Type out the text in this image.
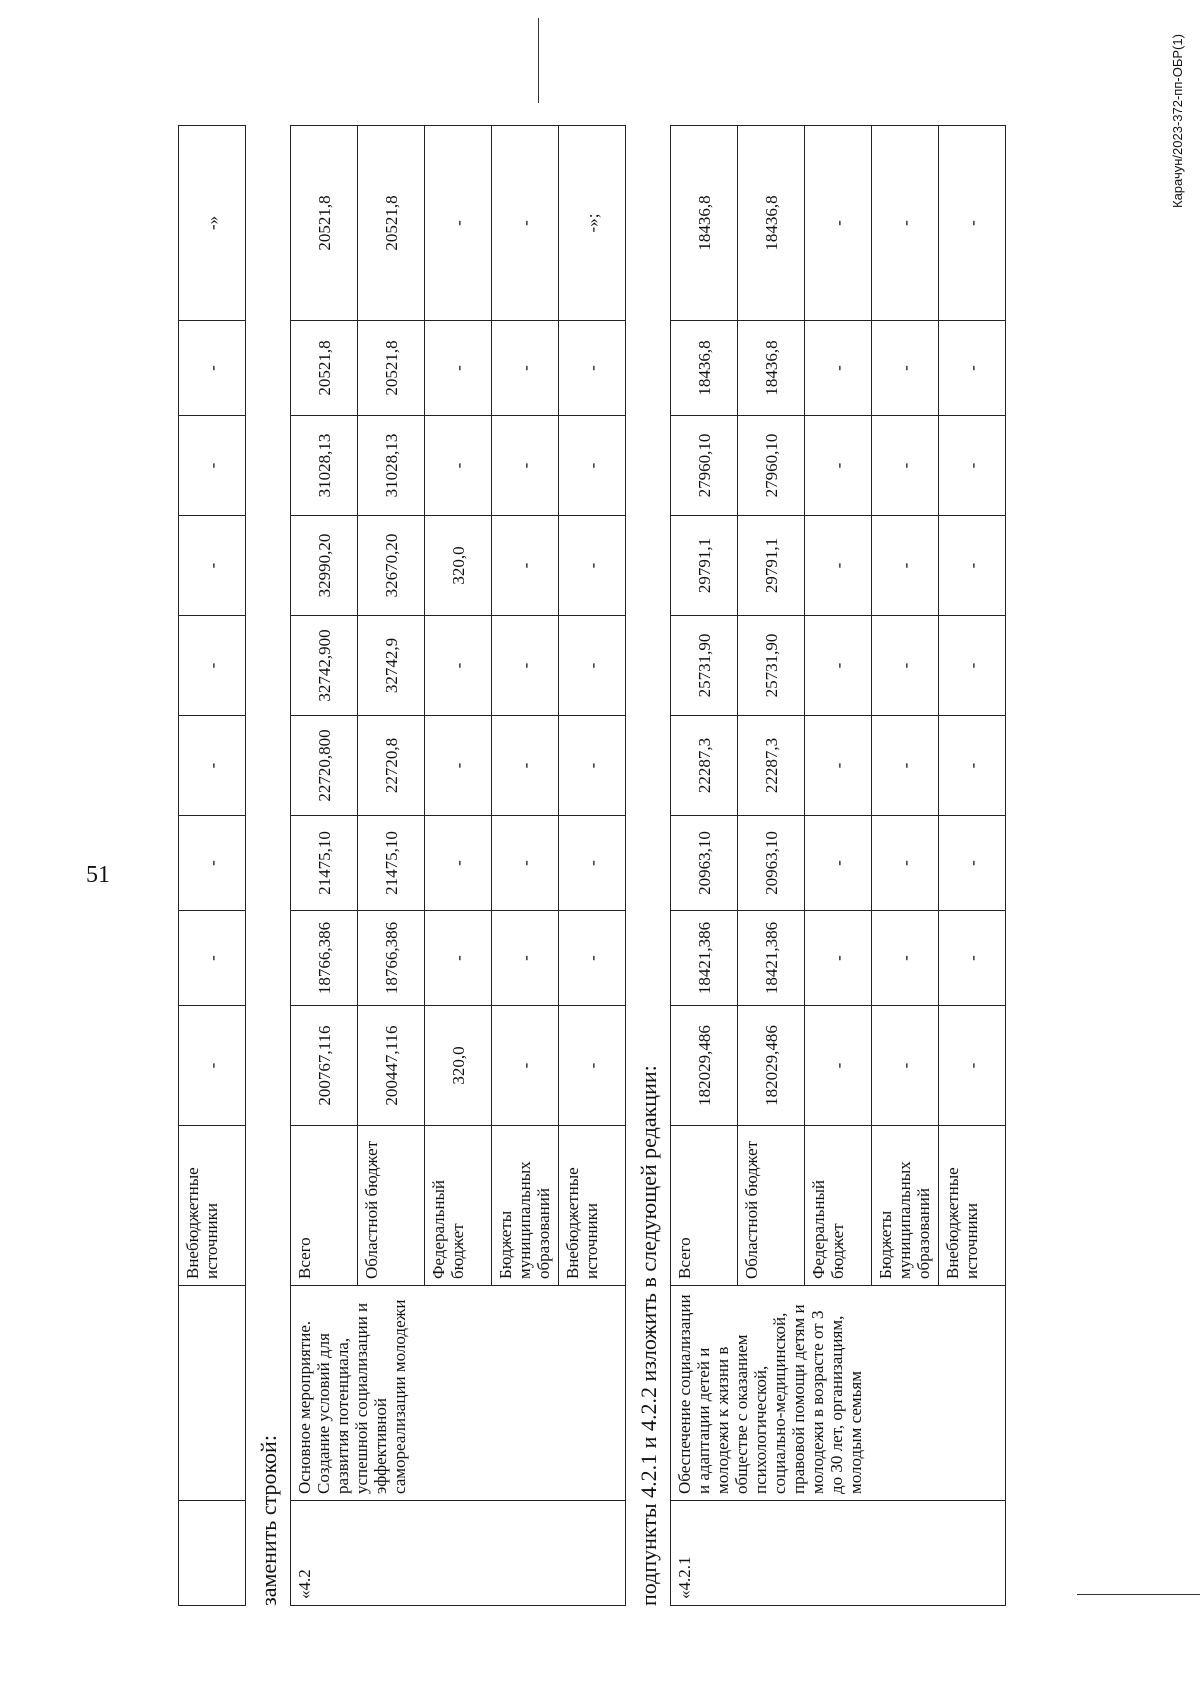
51
Карачун/2023-372-пп-ОБР(1)
		Внебюджетные источники	-	-	-	-	-	-	-	-	-»
заменить строкой: «4.2	Основное мероприятие. Создание условий для развития потенциала, успешной социализации и эффективной самореализации молодежи	Всего	200767,116	18766,386	21475,10	22720,800	32742,900	32990,20	31028,13	20521,8	20521,8
		Областной бюджет	200447,116	18766,386	21475,10	22720,8	32742,9	32670,20	31028,13	20521,8	20521,8
		Федеральный бюджет	320,0	-	-	-	-	320,0	-	-	-
		Бюджеты муниципальных образований	-	-	-	-	-	-	-	-	-
		Внебюджетные источники	-	-	-	-	-	-	-	-	-»;
подпункты 4.2.1 и 4.2.2 изложить в следующей редакции: «4.2.1	Обеспечение социализации и адаптации детей и молодежи к жизни в обществе с оказанием психологической, социально-медицинской, правовой помощи детям и молодежи в возрасте от 3 до 30 лет, организациям, молодым семьям	Всего	182029,486	18421,386	20963,10	22287,3	25731,90	29791,1	27960,10	18436,8	18436,8
		Областной бюджет	182029,486	18421,386	20963,10	22287,3	25731,90	29791,1	27960,10	18436,8	18436,8
		Федеральный бюджет	-	-	-	-	-	-	-	-	-
		Бюджеты муниципальных образований	-	-	-	-	-	-	-	-	-
		Внебюджетные источники	-	-	-	-	-	-	-	-	-
